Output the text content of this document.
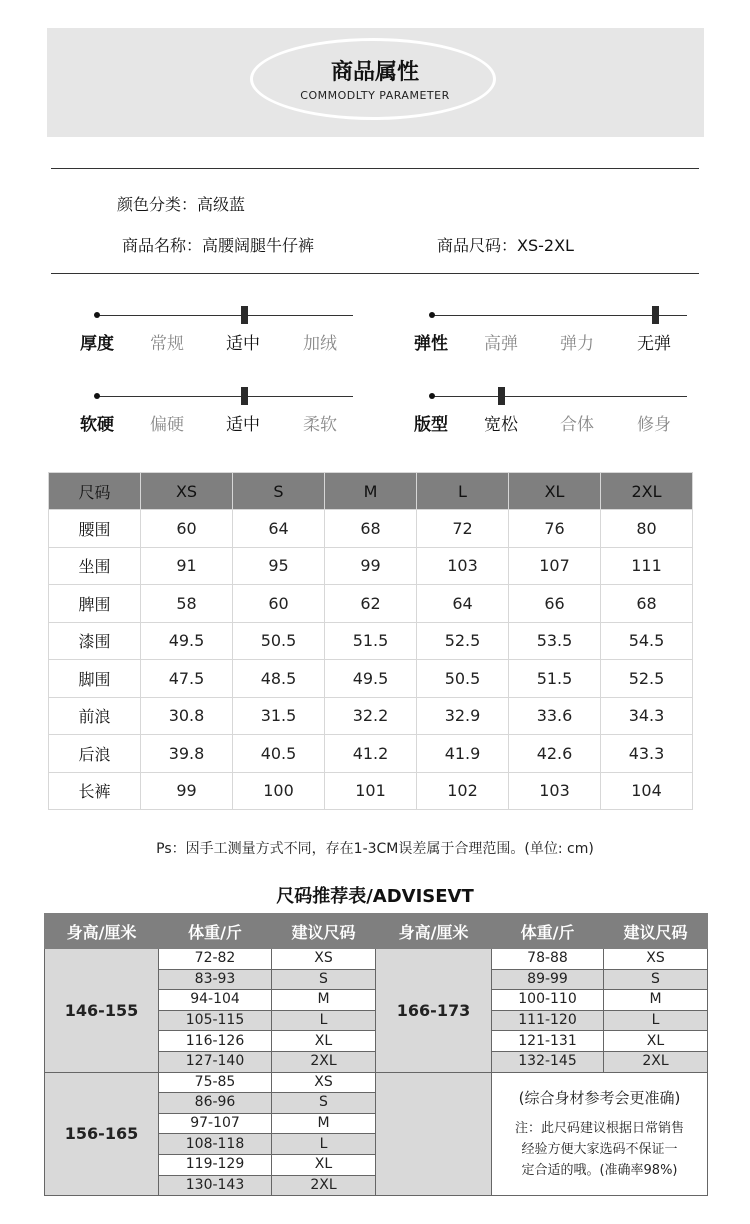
商品属性
COMMODLTY PARAMETER
颜色分类：高级蓝
商品名称：高腰阔腿牛仔裤	商品尺码：XS-2XL
厚度 常规 适中	加绒	弹性 高弹 弹力	无弹
软硬 偏硬 适中	柔软	版型 宽松 合体	修身
尺码	XS	S	M	L	XL	2XL
腰围	60	64	68	72	76	80
坐围	91	95	99	103	107	111
脾围	58	60	62	64	66	68
漆围	49.5	50.5	51.5	52.5	53.5	54.5
脚围	47.5	48.5	49.5	50.5	51.5	52.5
前浪	30.8	31.5	32.2	32.9	33.6	34.3
后浪	39.8	40.5	41.2	41.9	42.6	43.3
长裤	99	100	101	102	103	104
Ps：因手工测量方式不同，存在1-3CM误差属于合理范围。(单位: cm)
尺码推荐表/ADVISEVT
身高/厘米	体重/斤	建议尺码	身高/厘米	体重/斤	建议尺码
146-155	72-82	XS	166-173	78-88	XS
	83-93	S		89-99	S
	94-104	M		100-110	M
	105-115	L		111-120	L
	116-126	XL		121-131	XL
	127-140	2XL		132-145	2XL
156-165	75-85	XS		(综合身材参考会更准确)
注：此尺码建议根据日常销售
经验方便大家选码不保证一
定合适的哦。(准确率98%)	

	86-96	S			
	97-107	M			
	108-118	L			
	119-129	XL			
	130-143	2XL			
